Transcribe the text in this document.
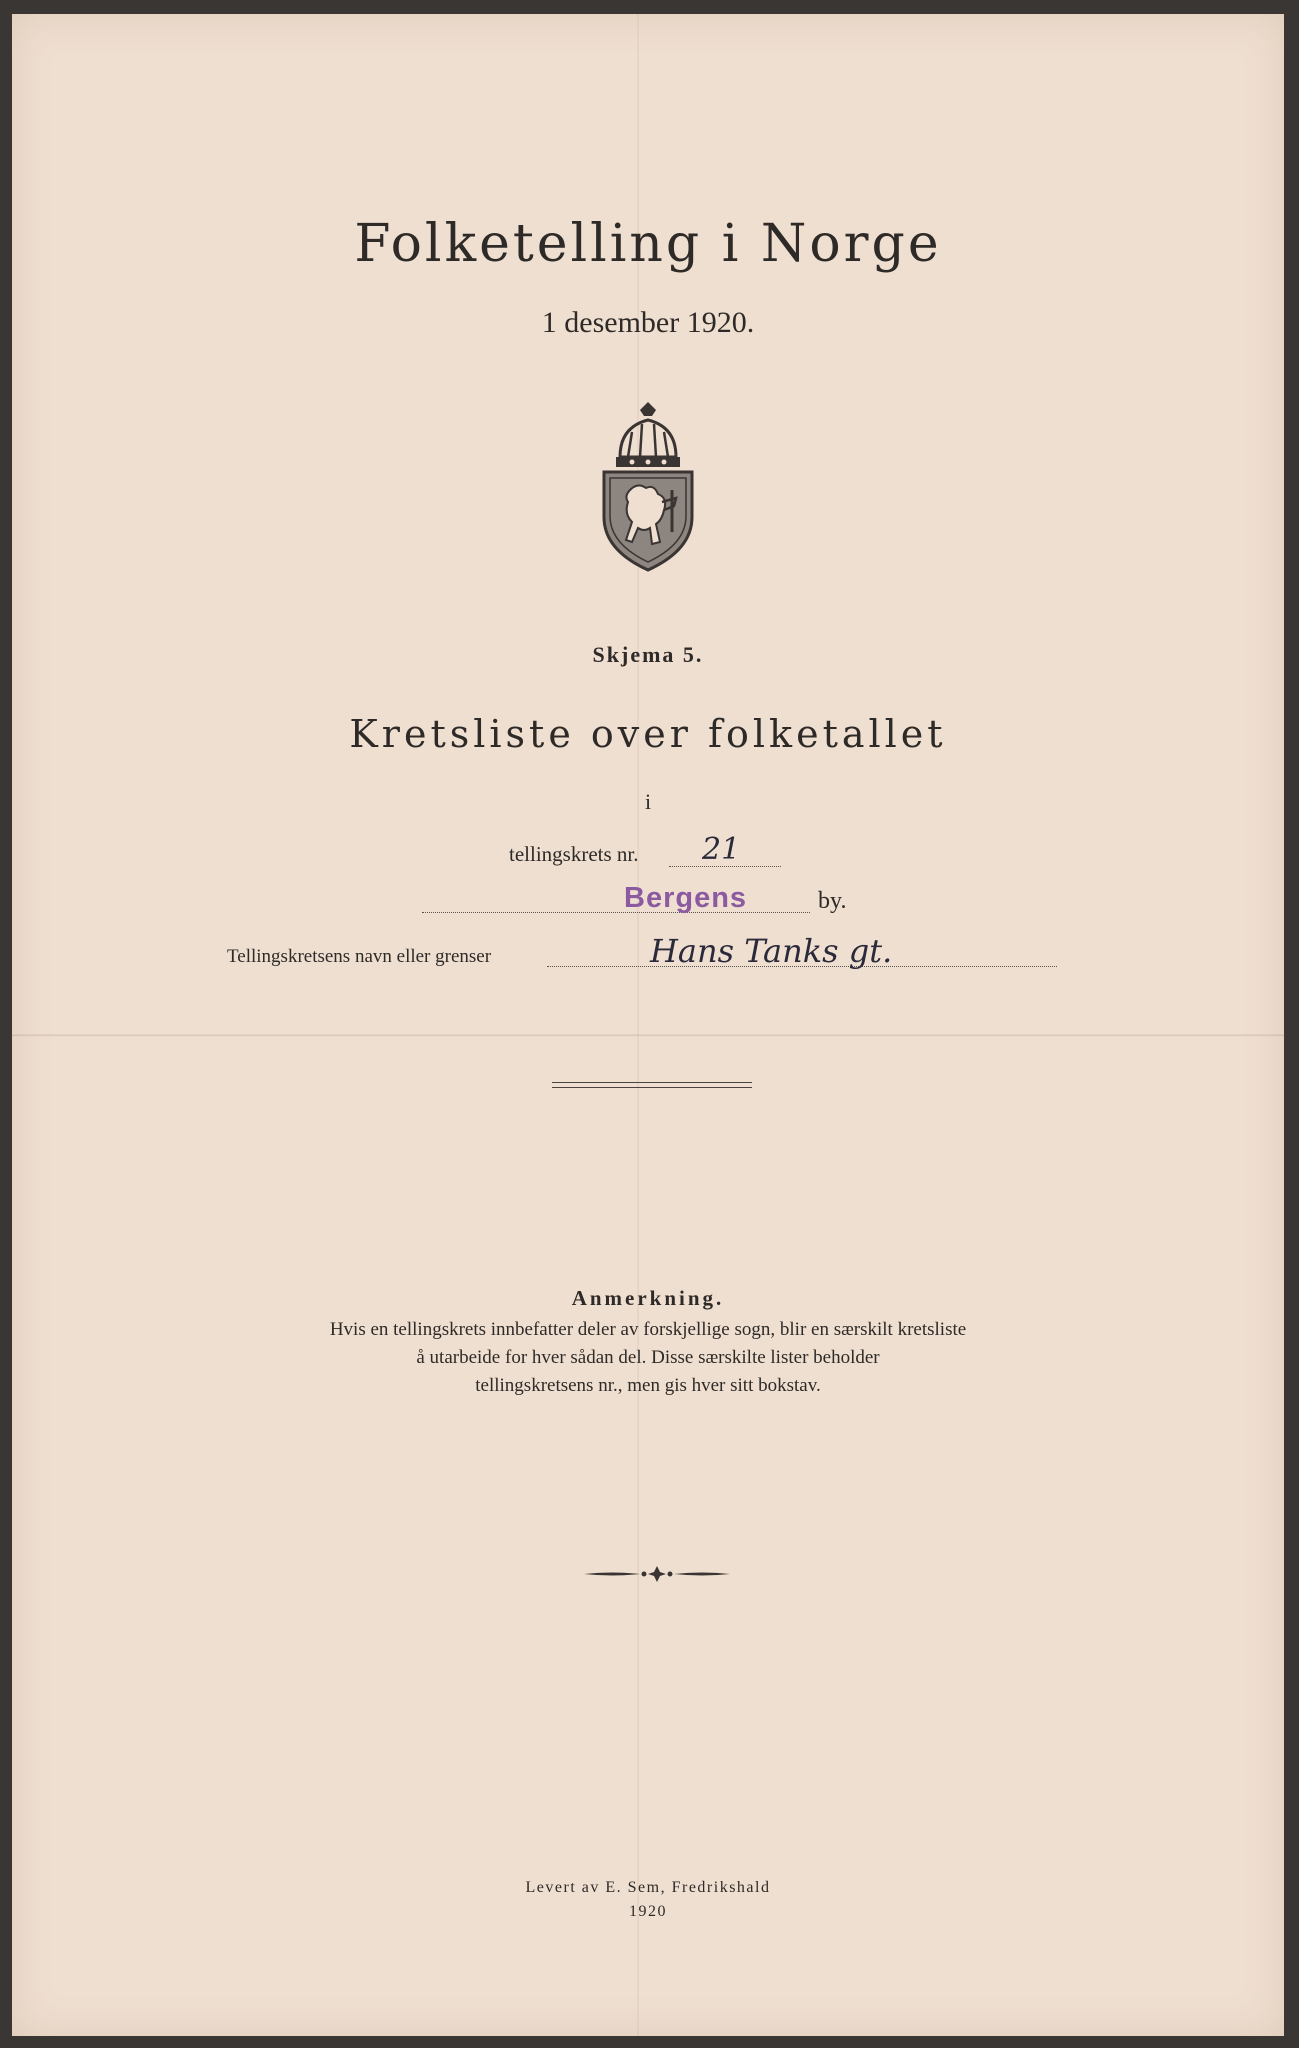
Folketelling i Norge
1 desember 1920.
Skjema 5.
Kretsliste over folketallet
i
tellingskrets nr. 21
Bergens	by.
Tellingskretsens navn eller grenser	Hans Tanks gt.
Anmerkning.
Hvis en tellingskrets innbefatter deler av forskjellige sogn, blir en særskilt kretsliste
å utarbeide for hver sådan del. Disse særskilte lister beholder
tellingskretsens nr., men gis hver sitt bokstav.
Levert av E. Sem, Fredrikshald
1920
